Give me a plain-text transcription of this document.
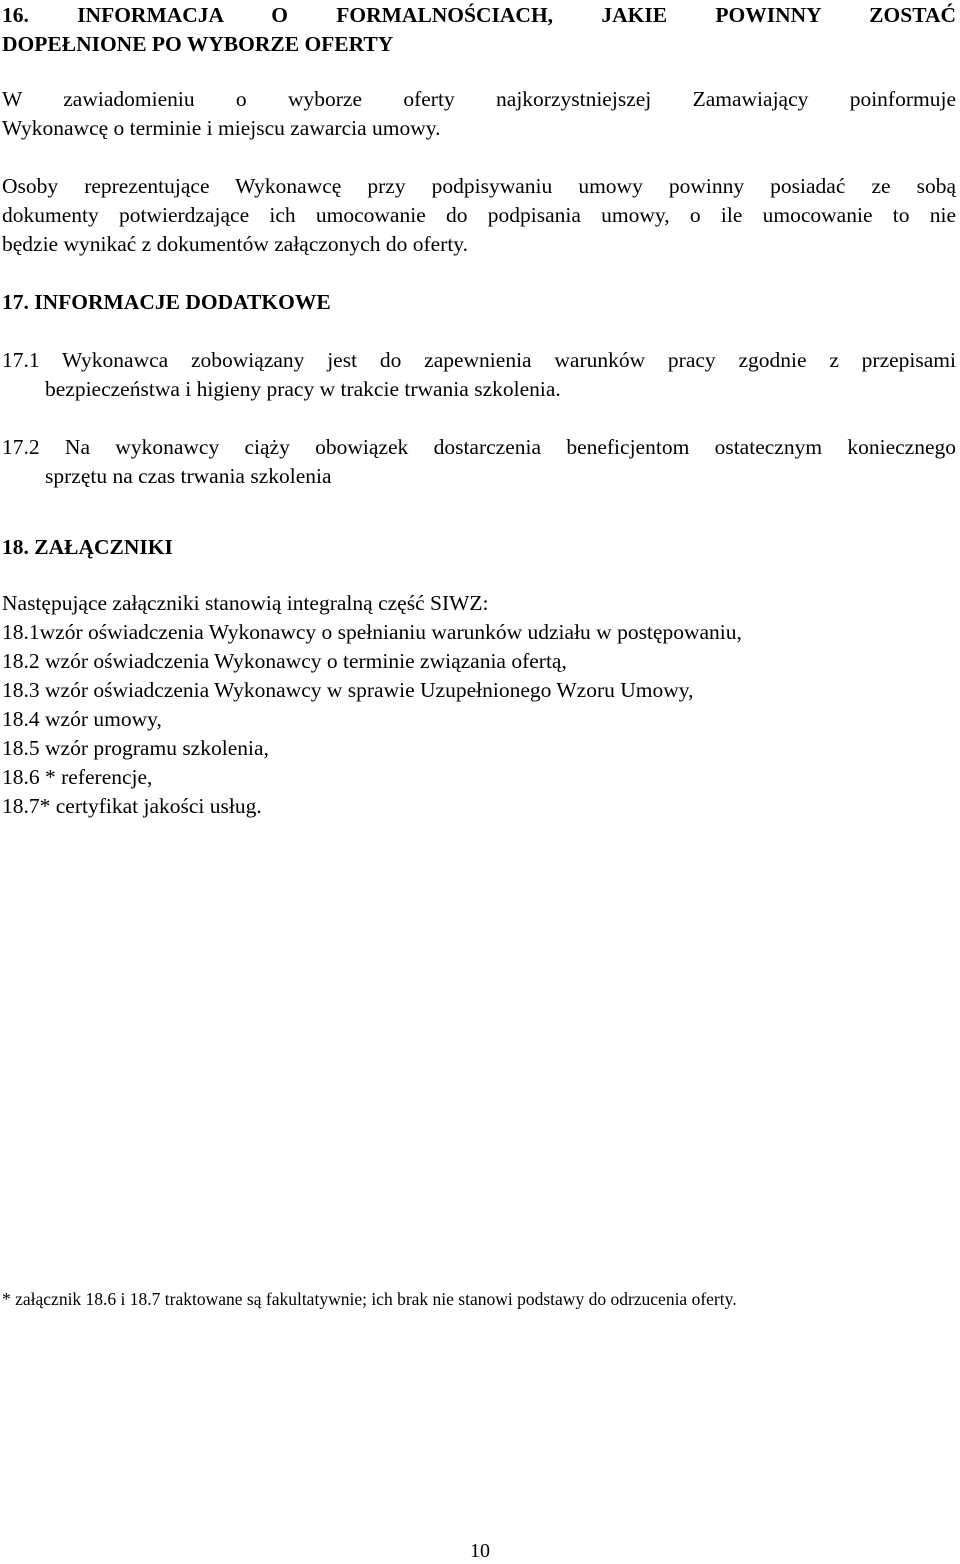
16. INFORMACJA O FORMALNOŚCIACH, JAKIE POWINNY ZOSTAĆ
DOPEŁNIONE PO WYBORZE OFERTY
W zawiadomieniu o wyborze oferty najkorzystniejszej Zamawiający poinformuje
Wykonawcę o terminie i miejscu zawarcia umowy.
Osoby reprezentujące Wykonawcę przy podpisywaniu umowy powinny posiadać ze sobą
dokumenty potwierdzające ich umocowanie do podpisania umowy, o ile umocowanie to nie
będzie wynikać z dokumentów załączonych do oferty.
17. INFORMACJE DODATKOWE
17.1 Wykonawca zobowiązany jest do zapewnienia warunków pracy zgodnie z przepisami
bezpieczeństwa i higieny pracy w trakcie trwania szkolenia.
17.2 Na wykonawcy ciąży obowiązek dostarczenia beneficjentom ostatecznym koniecznego
sprzętu na czas trwania szkolenia
18. ZAŁĄCZNIKI
Następujące załączniki stanowią integralną część SIWZ:
18.1wzór oświadczenia Wykonawcy o spełnianiu warunków udziału w postępowaniu,
18.2 wzór oświadczenia Wykonawcy o terminie związania ofertą,
18.3 wzór oświadczenia Wykonawcy w sprawie Uzupełnionego Wzoru Umowy,
18.4 wzór umowy,
18.5 wzór programu szkolenia,
18.6 * referencje,
18.7* certyfikat jakości usług.
* załącznik 18.6 i 18.7 traktowane są fakultatywnie; ich brak nie stanowi podstawy do odrzucenia oferty.
10
